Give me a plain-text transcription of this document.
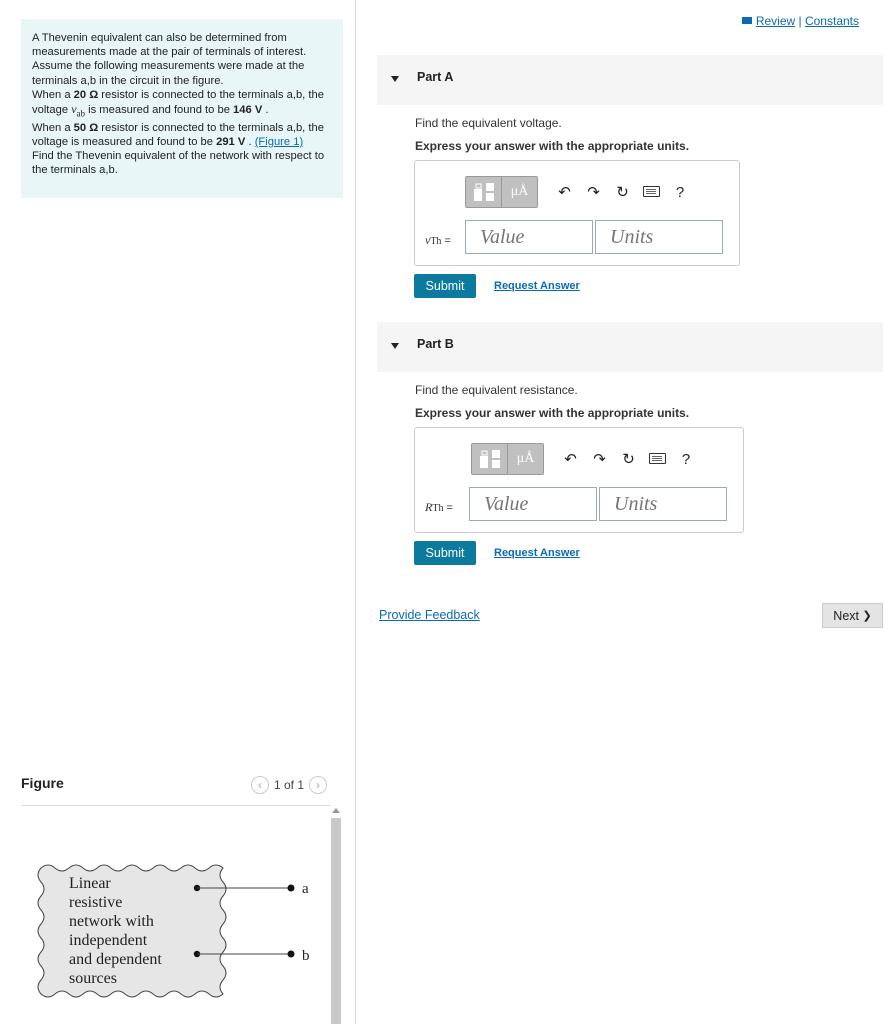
A Thevenin equivalent can also be determined from measurements made at the pair of terminals of interest. Assume the following measurements were made at the terminals a,b in the circuit in the figure.
When a 20 Ω resistor is connected to the terminals a,b, the voltage $v_{ab}$ is measured and found to be 146 V .
When a 50 Ω resistor is connected to the terminals a,b, the voltage is measured and found to be 291 V . (Figure 1)
Find the Thevenin equivalent of the network with respect to the terminals a,b.
Figure	‹	1 of 1	›
Linear resistive network with independent and dependent sources
a
b
Review | Constants
Part A
Find the equivalent voltage.
Express your answer with the appropriate units.
μÅ	↶	↷	↻	?
vTh =
Value
Units
Submit	Request Answer
Part B
Find the equivalent resistance.
Express your answer with the appropriate units.
μÅ	↶	↷	↻	?
RTh =
Value
Units
Submit	Request Answer
Provide Feedback	Next
❯
